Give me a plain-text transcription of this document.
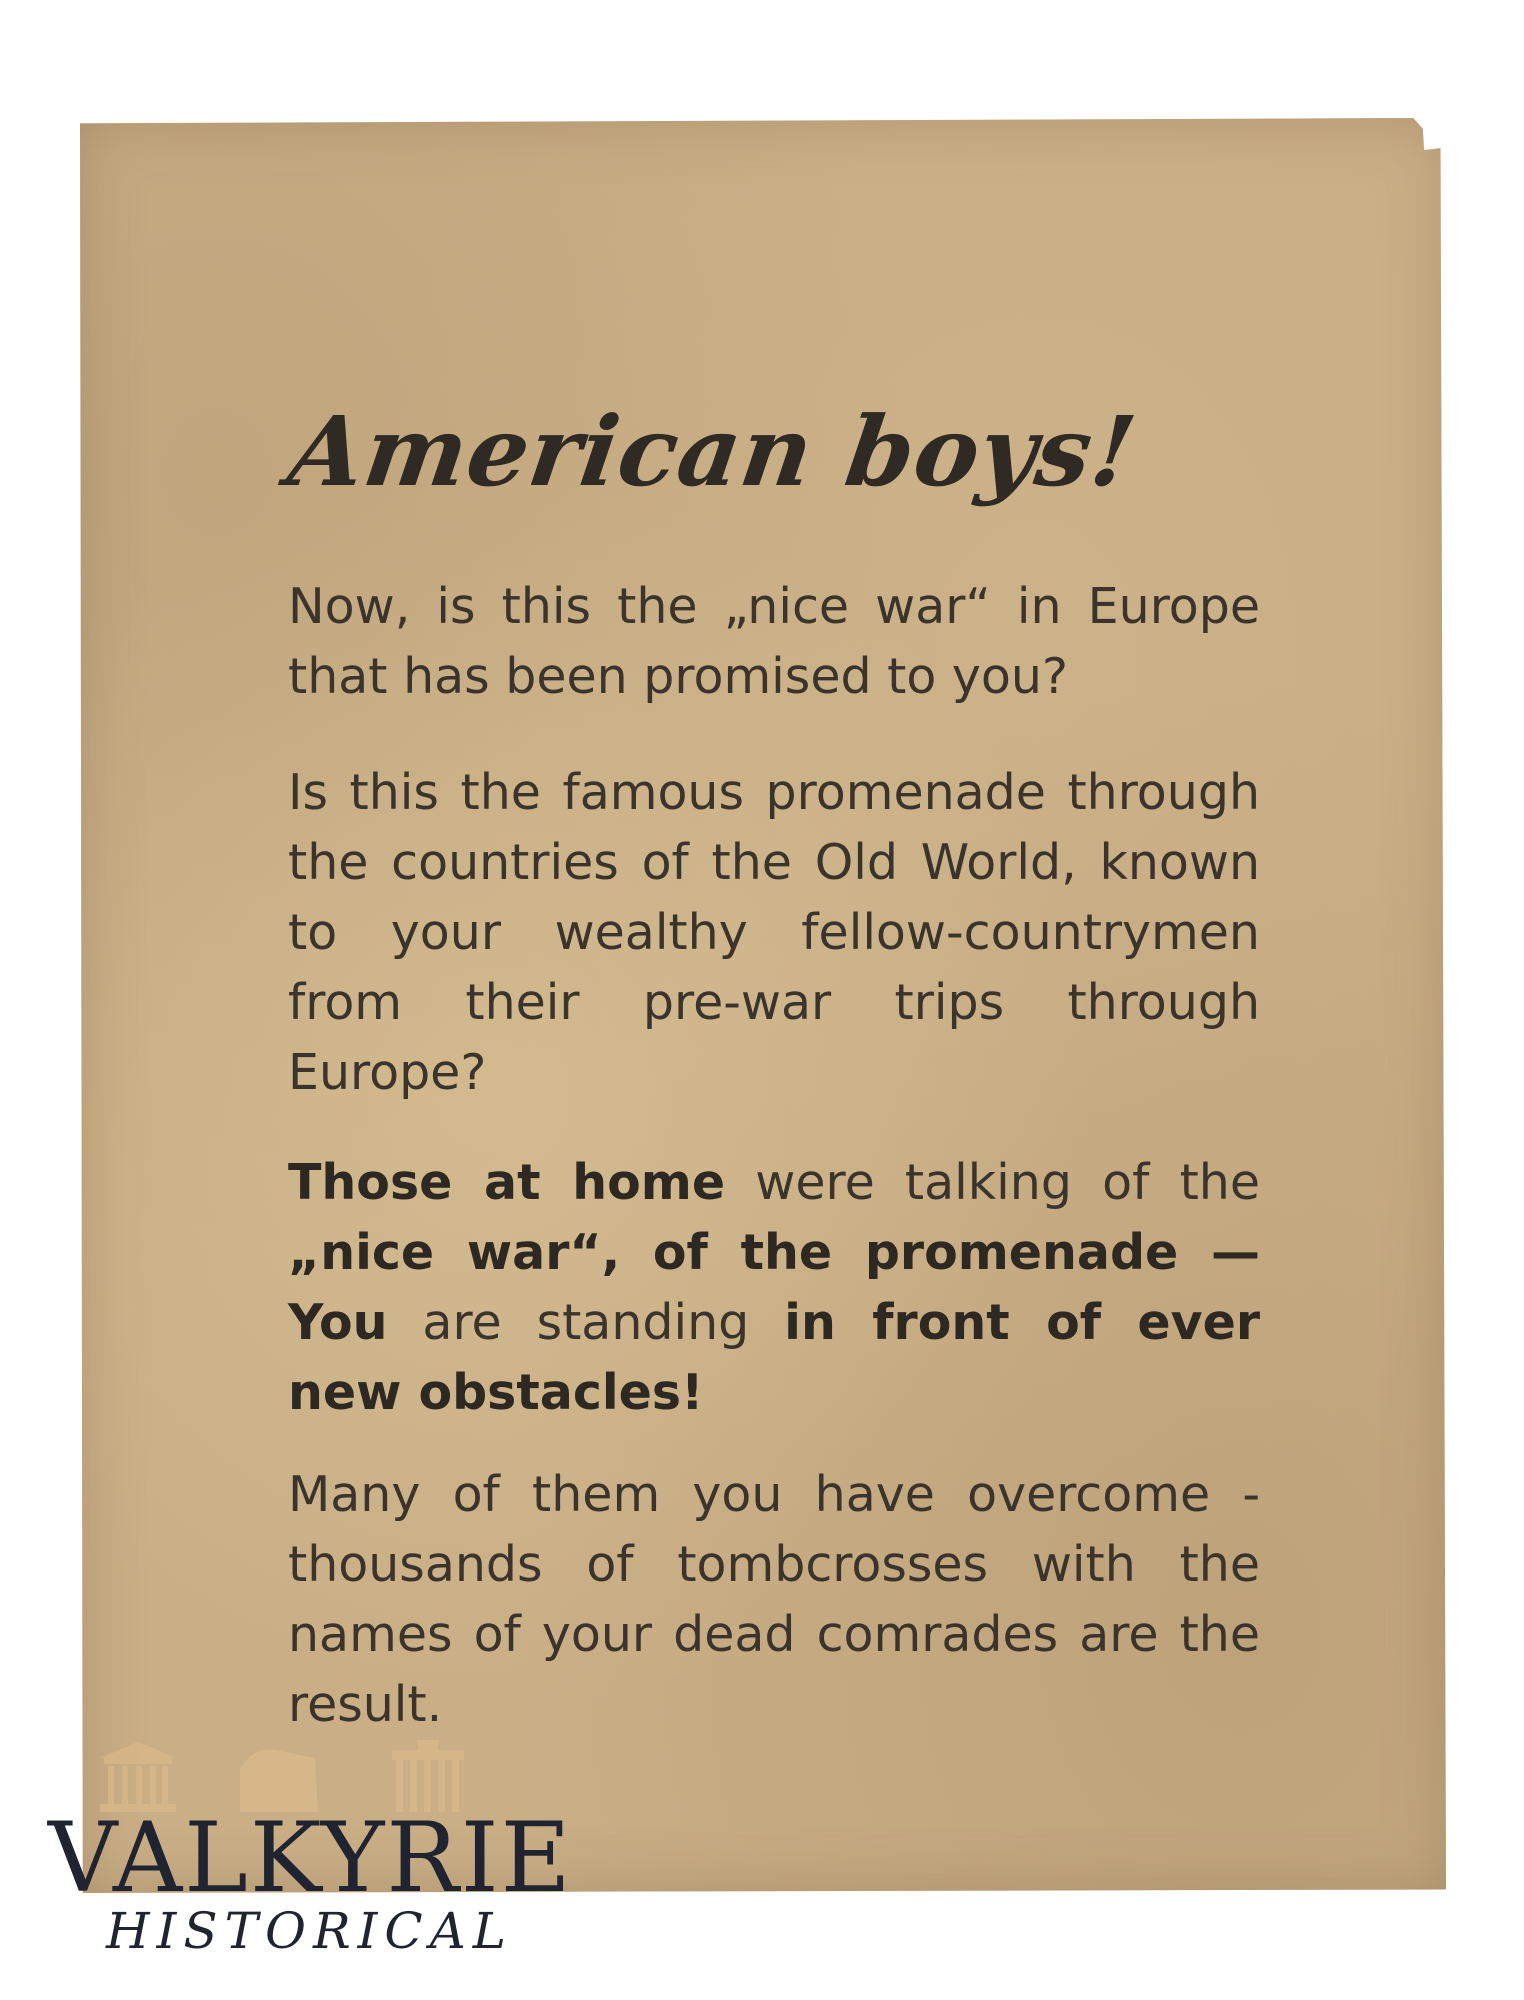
American boys!

Now, is this the „nice war“ in Europe that has been promised to you?

Is this the famous promenade through the countries of the Old World, known to your wealthy fellow-countrymen from their pre-war trips through Europe?

Those at home were talking of the „nice war“, of the promenade — You are standing in front of ever new obstacles!

Many of them you have overcome - thousands of tombcrosses with the names of your dead comrades are the result.

VALKYRIE
HISTORICAL
